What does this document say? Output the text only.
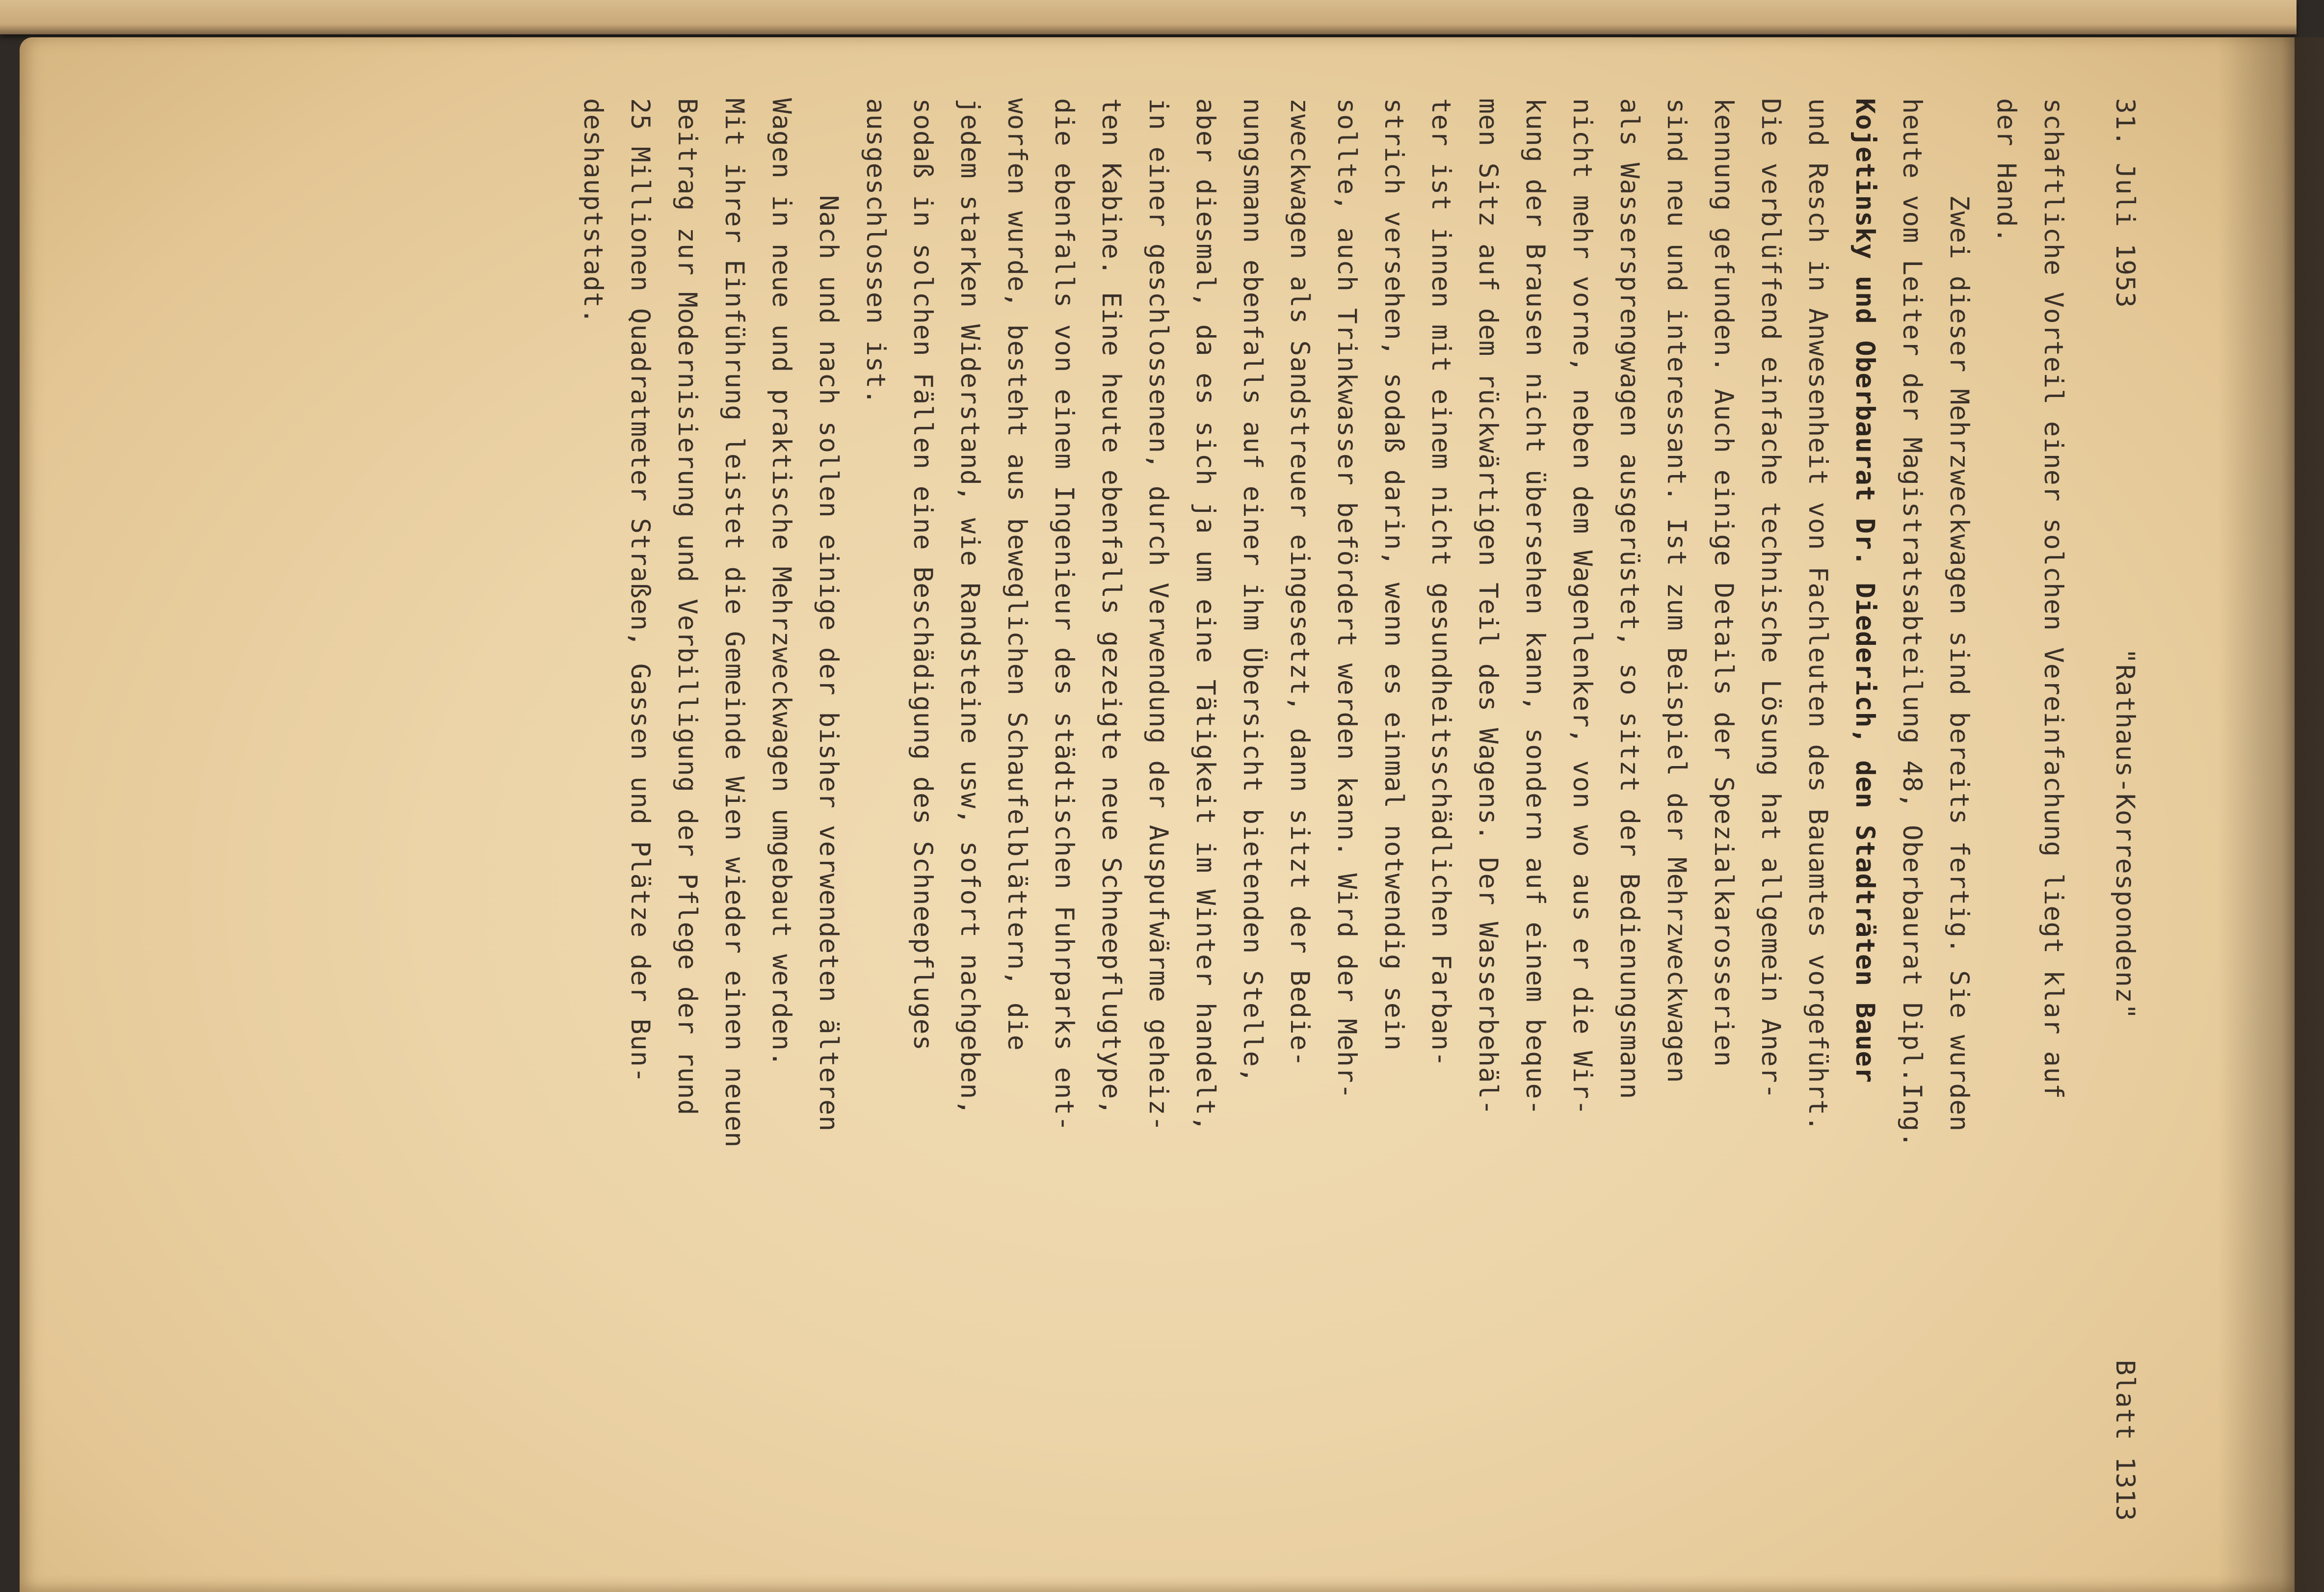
31. Juli 1953
"Rathaus-Korrespondenz"
Blatt 1313
schaftliche Vorteil einer solchen Vereinfachung liegt klar auf
der Hand.
Zwei dieser Mehrzweckwagen sind bereits fertig. Sie wurden
heute vom Leiter der Magistratsabteilung 48, Oberbaurat Dipl.Ing.
Kojetinsky und Oberbaurat Dr. Diederich, den Stadträten Bauer
und Resch in Anwesenheit von Fachleuten des Bauamtes vorgeführt.
Die verblüffend einfache technische Lösung hat allgemein Aner-
kennung gefunden. Auch einige Details der Spezialkarosserien
sind neu und interessant. Ist zum Beispiel der Mehrzweckwagen
als Wassersprengwagen ausgerüstet, so sitzt der Bedienungsmann
nicht mehr vorne, neben dem Wagenlenker, von wo aus er die Wir-
kung der Brausen nicht übersehen kann, sondern auf einem beque-
men Sitz auf dem rückwärtigen Teil des Wagens. Der Wasserbehäl-
ter ist innen mit einem nicht gesundheitsschädlichen Farban-
strich versehen, sodaß darin, wenn es einmal notwendig sein
sollte, auch Trinkwasser befördert werden kann. Wird der Mehr-
zweckwagen als Sandstreuer eingesetzt, dann sitzt der Bedie-
nungsmann ebenfalls auf einer ihm Übersicht bietenden Stelle,
aber diesmal, da es sich ja um eine Tätigkeit im Winter handelt,
in einer geschlossenen, durch Verwendung der Auspufwärme geheiz-
ten Kabine. Eine heute ebenfalls gezeigte neue Schneepflugtype,
die ebenfalls von einem Ingenieur des städtischen Fuhrparks ent-
worfen wurde, besteht aus beweglichen Schaufelblättern, die
jedem starken Widerstand, wie Randsteine usw, sofort nachgeben,
sodaß in solchen Fällen eine Beschädigung des Schneepfluges
ausgeschlossen ist.
Nach und nach sollen einige der bisher verwendeten älteren
Wagen in neue und praktische Mehrzweckwagen umgebaut werden.
Mit ihrer Einführung leistet die Gemeinde Wien wieder einen neuen
Beitrag zur Modernisierung und Verbilligung der Pflege der rund
25 Millionen Quadratmeter Straßen, Gassen und Plätze der Bun-
deshauptstadt.
